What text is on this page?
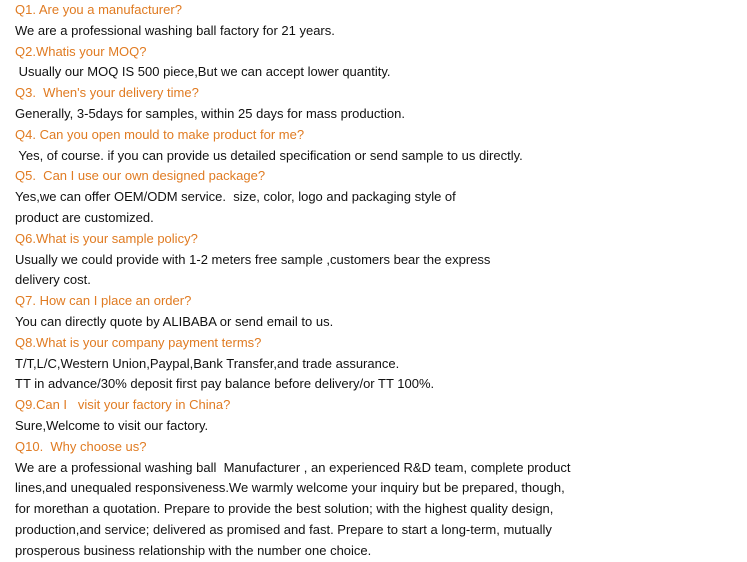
Q1. Are you a manufacturer?
We are a professional washing ball factory for 21 years.
Q2.Whatis your MOQ?
Usually our MOQ IS 500 piece,But we can accept lower quantity.
Q3.  When's your delivery time?
Generally, 3-5days for samples, within 25 days for mass production.
Q4. Can you open mould to make product for me?
Yes, of course. if you can provide us detailed specification or send sample to us directly.
Q5.  Can I use our own designed package?
Yes,we can offer OEM/ODM service.  size, color, logo and packaging style of
product are customized.
Q6.What is your sample policy?
Usually we could provide with 1-2 meters free sample ,customers bear the express
delivery cost.
Q7. How can I place an order?
You can directly quote by ALIBABA or send email to us.
Q8.What is your company payment terms?
T/T,L/C,Western Union,Paypal,Bank Transfer,and trade assurance.
TT in advance/30% deposit first pay balance before delivery/or TT 100%.
Q9.Can I   visit your factory in China?
Sure,Welcome to visit our factory.
Q10.  Why choose us?
We are a professional washing ball  Manufacturer , an experienced R&D team, complete product
lines,and unequaled responsiveness.We warmly welcome your inquiry but be prepared, though,
for morethan a quotation. Prepare to provide the best solution; with the highest quality design,
production,and service; delivered as promised and fast. Prepare to start a long-term, mutually
prosperous business relationship with the number one choice.
